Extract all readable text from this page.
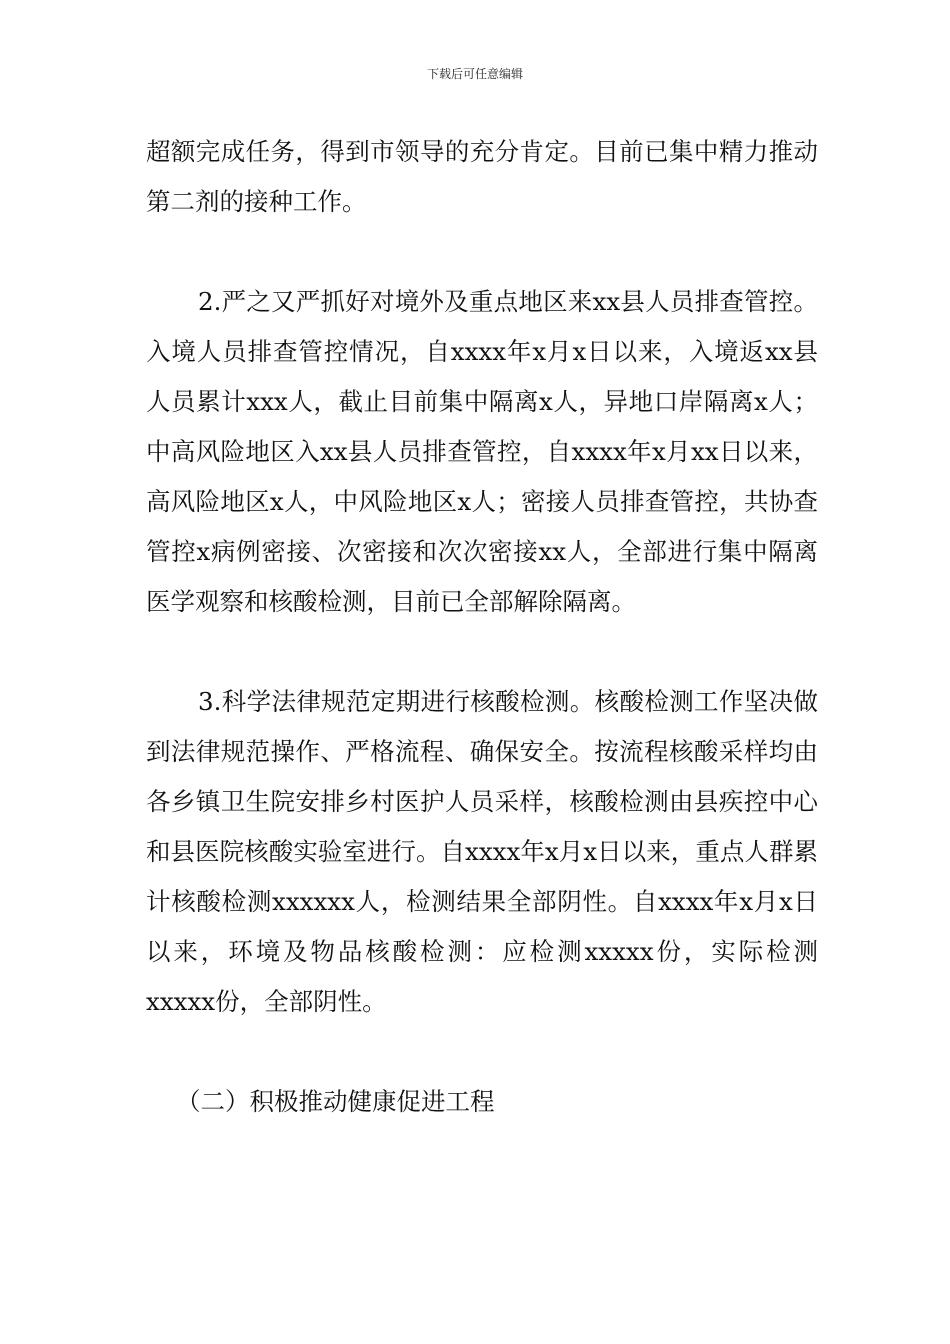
下载后可任意编辑

超额完成任务，得到市领导的充分肯定。目前已集中精力推动第二剂的接种工作。

2.严之又严抓好对境外及重点地区来xx县人员排查管控。入境人员排查管控情况，自xxxx年x月x日以来，入境返xx县人员累计xxx人，截止目前集中隔离x人，异地口岸隔离x人；中高风险地区入xx县人员排查管控，自xxxx年x月xx日以来，高风险地区x人，中风险地区x人；密接人员排查管控，共协查管控x病例密接、次密接和次次密接xx人，全部进行集中隔离医学观察和核酸检测，目前已全部解除隔离。

3.科学法律规范定期进行核酸检测。核酸检测工作坚决做到法律规范操作、严格流程、确保安全。按流程核酸采样均由各乡镇卫生院安排乡村医护人员采样，核酸检测由县疾控中心和县医院核酸实验室进行。自xxxx年x月x日以来，重点人群累计核酸检测xxxxxx人，检测结果全部阴性。自xxxx年x月x日以来，环境及物品核酸检测：应检测xxxxx份，实际检测xxxxx份，全部阴性。

（二）积极推动健康促进工程
